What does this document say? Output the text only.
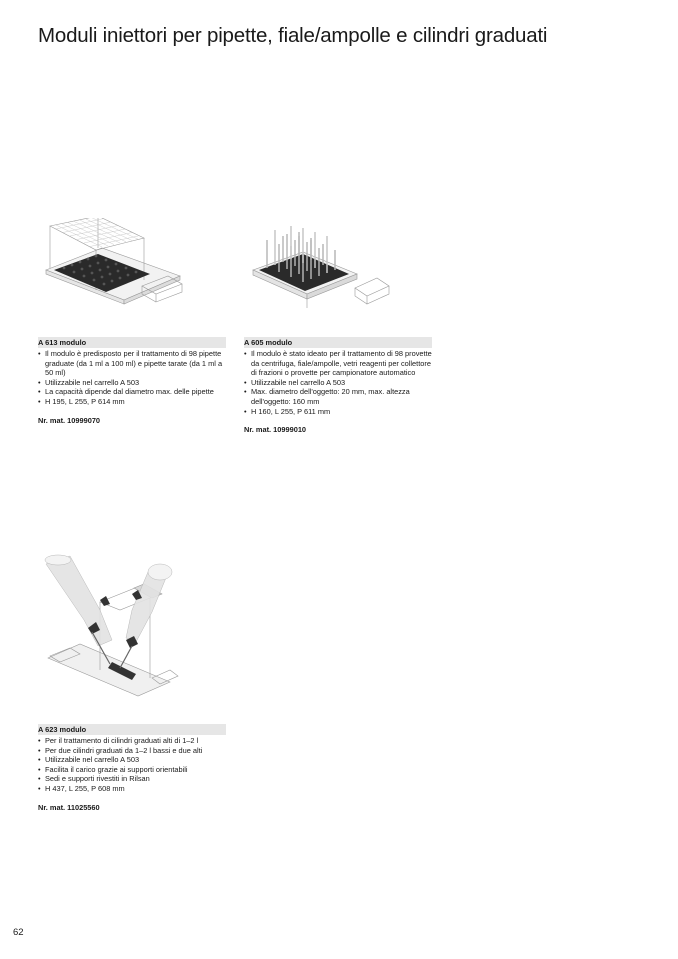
Moduli iniettori per pipette, fiale/ampolle e cilindri graduati
A 613 modulo
• Il modulo è predisposto per il trattamento di 98 pipette graduate (da 1 ml a 100 ml) e pipette tarate (da 1 ml a 50 ml)
• Utilizzabile nel carrello A 503
• La capacità dipende dal diametro max. delle pipette
• H 195, L 255, P 614 mm
Nr. mat. 10999070
A 605 modulo
• Il modulo è stato ideato per il trattamento di 98 provette da centrifuga, fiale/ampolle, vetri reagenti per collettore di frazioni o provette per campionatore automatico
• Utilizzabile nel carrello A 503
• Max. diametro dell'oggetto: 20 mm, max. altezza dell'oggetto: 160 mm
• H 160, L 255, P 611 mm
Nr. mat. 10999010
A 623 modulo
• Per il trattamento di cilindri graduati alti di 1–2 l
• Per due cilindri graduati da 1–2 l bassi e due alti
• Utilizzabile nel carrello A 503
• Facilita il carico grazie ai supporti orientabili
• Sedi e supporti rivestiti in Rilsan
• H 437, L 255, P 608 mm
Nr. mat. 11025560
62
